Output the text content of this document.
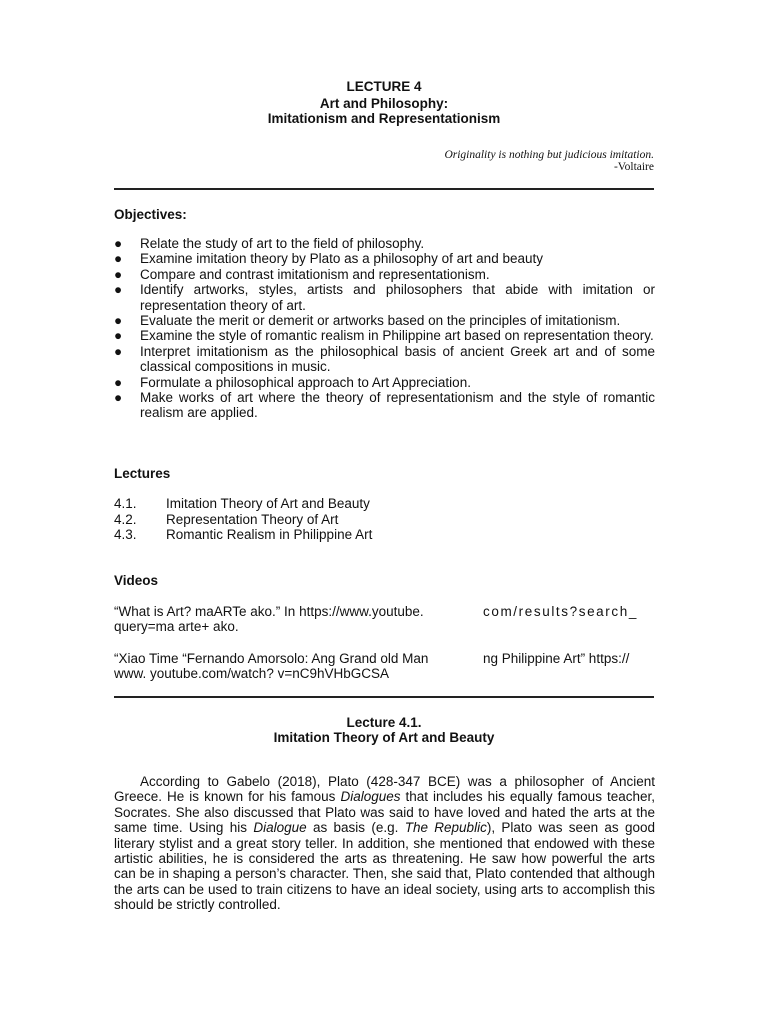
LECTURE 4
Art and Philosophy:
Imitationism and Representationism
Originality is nothing but judicious imitation.
-Voltaire
Objectives:
● Relate the study of art to the field of philosophy.
● Examine imitation theory by Plato as a philosophy of art and beauty
● Compare and contrast imitationism and representationism.
● Identify artworks, styles, artists and philosophers that abide with imitation or representation theory of art.
● Evaluate the merit or demerit or artworks based on the principles of imitationism.
● Examine the style of romantic realism in Philippine art based on representation theory.
● Interpret imitationism as the philosophical basis of ancient Greek art and of some classical compositions in music.
● Formulate a philosophical approach to Art Appreciation.
● Make works of art where the theory of representationism and the style of romantic realism are applied.
Lectures
4.1. Imitation Theory of Art and Beauty
4.2. Representation Theory of Art
4.3. Romantic Realism in Philippine Art
Videos
“What is Art? maARTe ako.” In https://www.youtube.	com/results?search_
query=ma arte+ ako.
“Xiao Time “Fernando Amorsolo: Ang Grand old Man	ng Philippine Art” https://
www. youtube.com/watch? v=nC9hVHbGCSA
Lecture 4.1.
Imitation Theory of Art and Beauty

According to Gabelo (2018), Plato (428-347 BCE) was a philosopher of Ancient Greece. He is known for his famous Dialogues that includes his equally famous teacher, Socrates. She also discussed that Plato was said to have loved and hated the arts at the same time. Using his Dialogue as basis (e.g. The Republic), Plato was seen as good literary stylist and a great story teller. In addition, she mentioned that endowed with these artistic abilities, he is considered the arts as threatening. He saw how powerful the arts can be in shaping a person’s character. Then, she said that, Plato contended that although the arts can be used to train citizens to have an ideal society, using arts to accomplish this should be strictly controlled.
